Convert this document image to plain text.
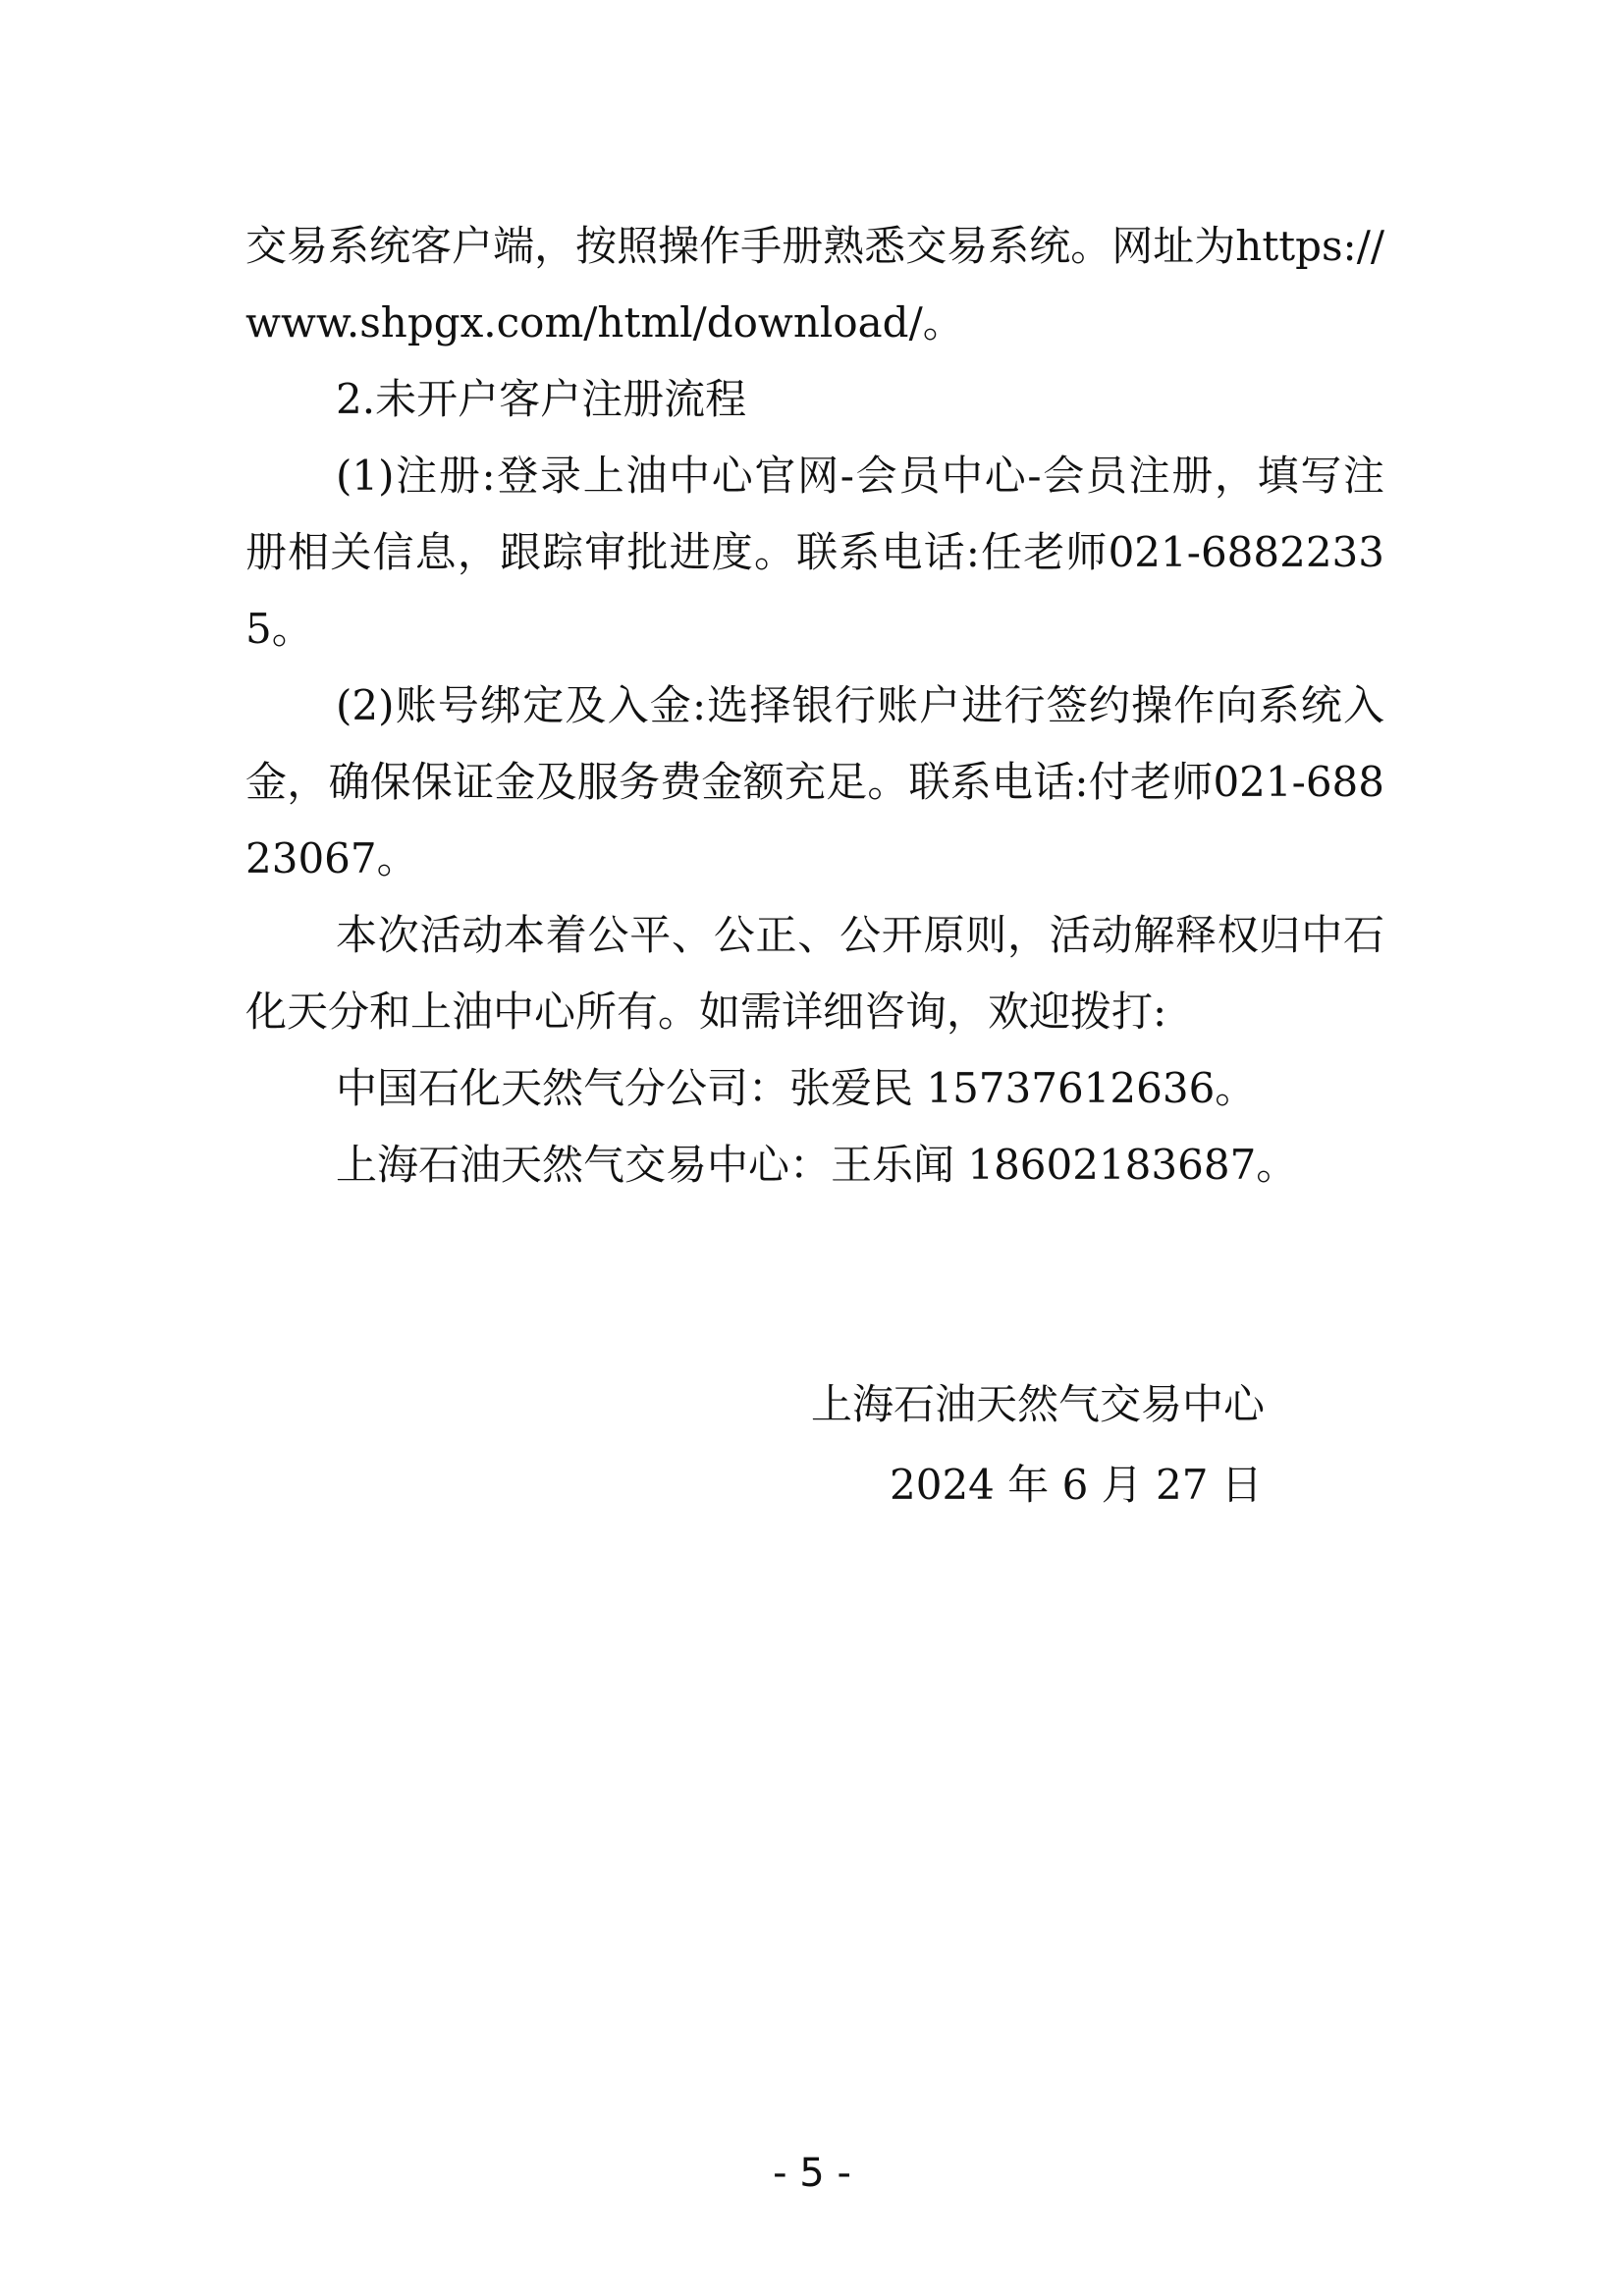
交易系统客户端，按照操作手册熟悉交易系统。网址为https://www.shpgx.com/html/download/。

2.未开户客户注册流程

(1)注册:登录上油中心官网-会员中心-会员注册，填写注册相关信息，跟踪审批进度。联系电话:任老师021-68822335。

(2)账号绑定及入金:选择银行账户进行签约操作向系统入金，确保保证金及服务费金额充足。联系电话:付老师021-68823067。

本次活动本着公平、公正、公开原则，活动解释权归中石化天分和上油中心所有。如需详细咨询，欢迎拨打:

中国石化天然气分公司：张爱民 15737612636。

上海石油天然气交易中心：王乐闻 18602183687。

上海石油天然气交易中心

2024 年 6 月 27 日

- 5 -
